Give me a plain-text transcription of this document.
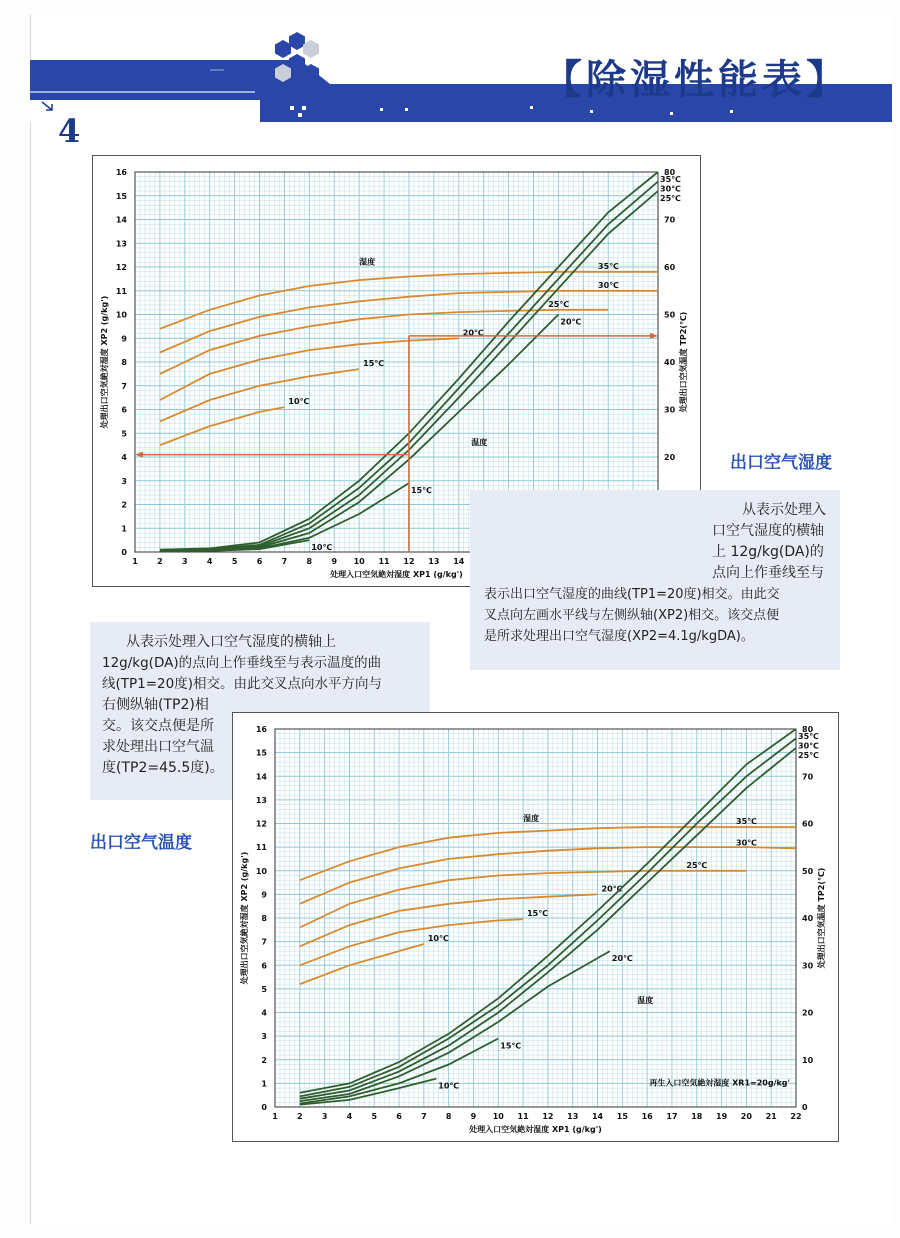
【除湿性能表】
4
1 2 3 4 5 6 7 8 9 10 11 12 13 14
0
1
2
3
4
5
6
7
8
9
10
11
12
13
14
15
16
20
30
40
50
60
70
80
处理入口空気絶対湿度 XP1 (g/kg')
处理出口空気絶対湿度 XP2 (g/kg')	处理出口空気温度 TP2(℃)
35℃
30℃
25℃
20℃
15℃
10℃
35℃
30℃
25℃
20℃
15℃
10℃
湿度
温度
出口空气湿度
从表示处理入
口空气湿度的横轴
上 12g/kg(DA)的
点向上作垂线至与
表示出口空气湿度的曲线(TP1=20度)相交。由此交
叉点向左画水平线与左侧纵轴(XP2)相交。该交点便
是所求处理出口空气湿度(XP2=4.1g/kgDA)。
从表示处理入口空气湿度的横轴上
12g/kg(DA)的点向上作垂线至与表示温度的曲
线(TP1=20度)相交。由此交叉点向水平方向与
右侧纵轴(TP2)相
交。该交点便是所
求处理出口空气温
度(TP2=45.5度)。
出口空气温度
1 2 3 4 5 6 7 8 9 10 11 12 13 14 15 16 17 18 19 20 21 22
0
1
2
3
4
5
6
7
8
9
10
11
12
13
14
15
16
0
10
20
30
40
50
60
70
80
处理入口空気絶対湿度 XP1 (g/kg')
处理出口空気絶対湿度 XP2 (g/kg')	处理出口空気温度 TP2(℃)
35℃
30℃
25℃
20℃
15℃
10℃
35℃
30℃
25℃
20℃
15℃
10℃
湿度
温度
再生入口空気絶対湿度 XR1=20g/kg'
